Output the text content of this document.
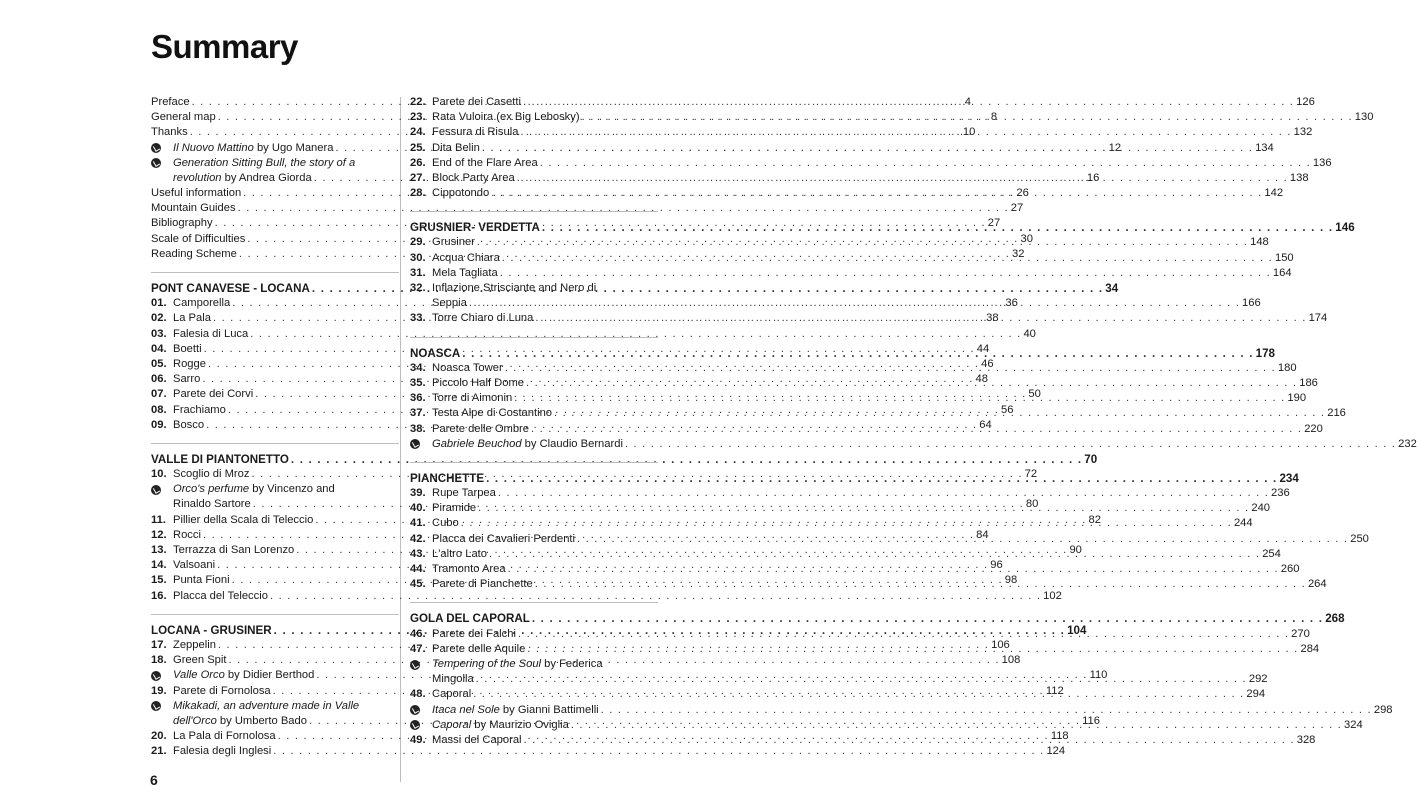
Summary
Preface . . .	4
General map . . .	8
Thanks . . .	10
Il Nuovo Mattino by Ugo Manera . . .	12
Generation Sitting Bull, the story of a
revolution by Andrea Giorda . . .	16
Useful information . . .	26
Mountain Guides . . .	27
Bibliography . . .	27
Scale of Difficulties . . .	30
Reading Scheme . . .	32
PONT CANAVESE - LOCANA . . .	34
01. Camporella . . .	36
02. La Pala . . .	38
03. Falesia di Luca . . .	40
04. Boetti . . .	44
05. Rogge . . .	46
06. Sarro . . .	48
07. Parete dei Corvi . . .	50
08. Frachiamo . . .	56
09. Bosco . . .	64
VALLE DI PIANTONETTO . . .	70
10. Scoglio di Mroz . . .	72
Orco's perfume by Vincenzo and
Rinaldo Sartore . . .	80
11. Pillier della Scala di Teleccio . . .	82
12. Rocci . . .	84
13. Terrazza di San Lorenzo . . .	90
14. Valsoani . . .	96
15. Punta Fioni . . .	98
16. Placca del Teleccio . . .	102
LOCANA - GRUSINER . . .	104
17. Zeppelin . . .	106
18. Green Spit . . .	108
Valle Orco by Didier Berthod . . .	110
19. Parete di Fornolosa . . .	112
Mikakadi, an adventure made in Valle
dell'Orco by Umberto Bado . . .	116
20. La Pala di Fornolosa . . .	118
21. Falesia degli Inglesi . . .	124
22. Parete dei Casetti . . .	126
23. Rata Vuloira (ex Big Lebosky) . . .	130
24. Fessura di Risula . . .	132
25. Dita Belin . . .	134
26. End of the Flare Area . . .	136
27. Block Party Area . . .	138
28. Cippotondo . . .	142
GRUSNIER- VERDETTA . . .	146
29. Grusiner . . .	148
30. Acqua Chiara . . .	150
31. Mela Tagliata . . .	164
32. Inflazione Strisciante and Nero di
Seppia . . .	166
33. Torre Chiaro di Luna . . .	174
NOASCA . . .	178
34. Noasca Tower . . .	180
35. Piccolo Half Dome . . .	186
36. Torre di Aimonin . . .	190
37. Testa Alpe di Costantino . . .	216
38. Parete delle Ombre . . .	220
Gabriele Beuchod by Claudio Bernardi . . .	232
PIANCHETTE . . .	234
39. Rupe Tarpea . . .	236
40. Piramide . . .	240
41. Cubo . . .	244
42. Placca dei Cavalieri Perdenti . . .	250
43. L'altro Lato . . .	254
44. Tramonto Area . . .	260
45. Parete di Pianchette . . .	264
GOLA DEL CAPORAL . . .	268
46. Parete dei Falchi . . .	270
47. Parete delle Aquile . . .	284
Tempering of the Soul by Federica
Mingolla . . .	292
48. Caporal . . .	294
Itaca nel Sole by Gianni Battimelli . . .	298
Caporal by Maurizio Oviglia . . .	324
49. Massi del Caporal . . .	328
6
